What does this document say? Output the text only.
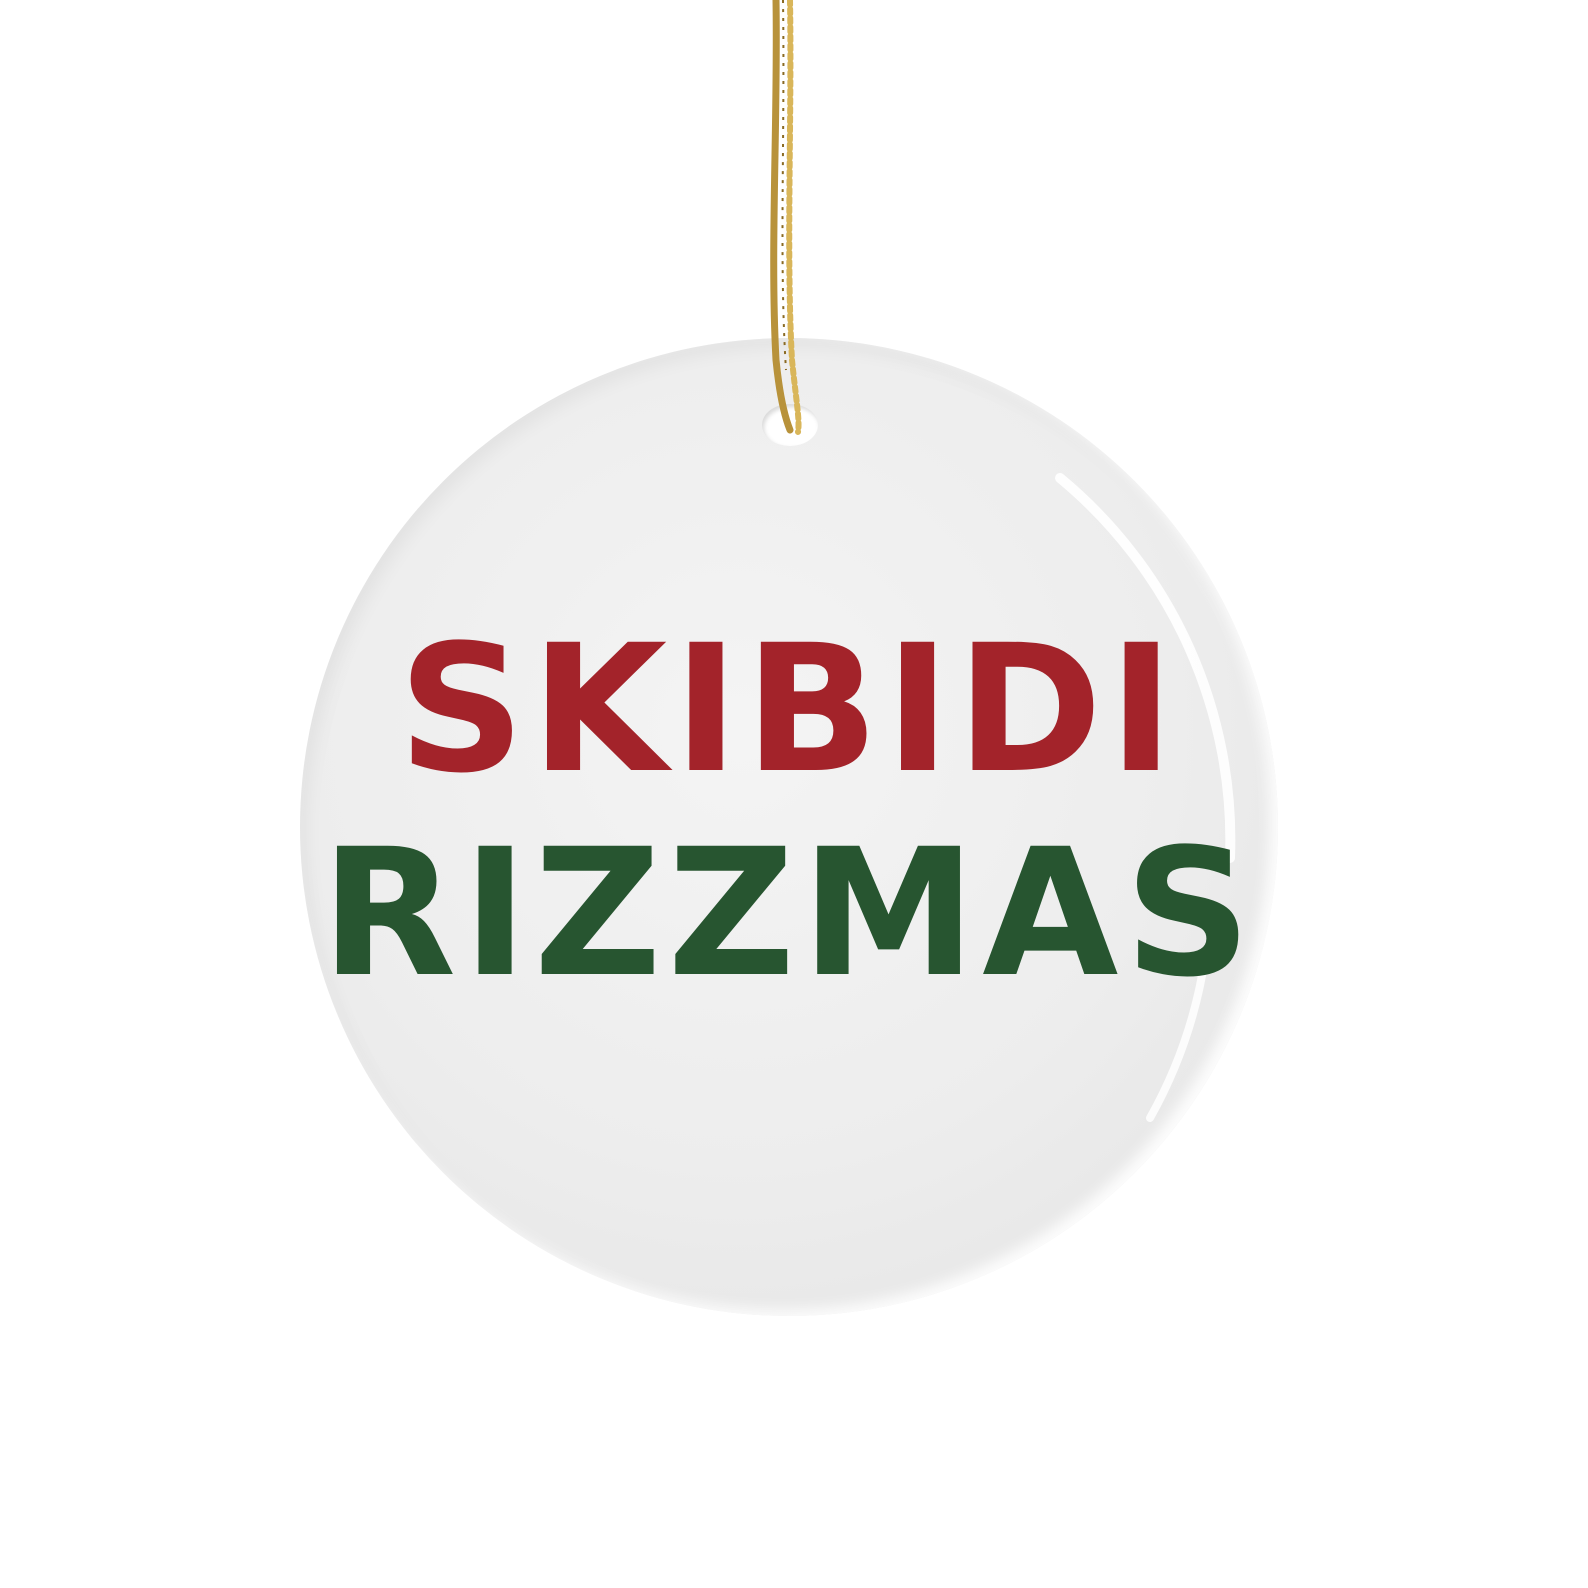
SKIBIDI
RIZZMAS
